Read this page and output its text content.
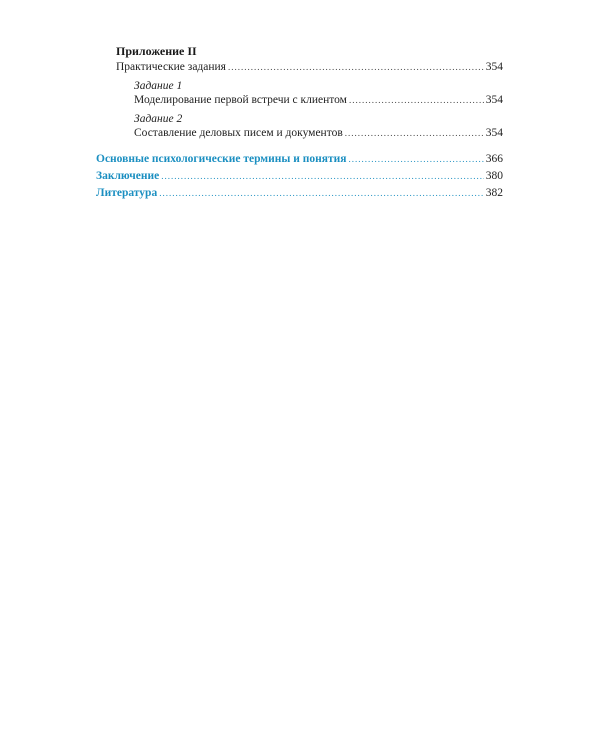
Приложение II
Практические задания .....	354
Задание 1
Моделирование первой встречи с клиентом .....	354
Задание 2
Составление деловых писем и документов .....	354
Основные психологические термины и понятия .....	366
Заключение .....	380
Литература .....	382
